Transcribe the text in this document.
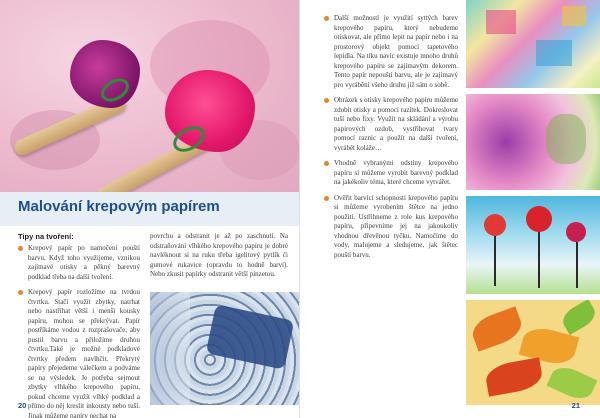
Malování krepovým papírem
Tipy na tvoření:
Krepový papír po namočení pouští barvu. Když toho využijeme, vznikou zajímavé otisky a pěkný barevný podklad třeba na další tvoření.
Krepový papír rozložíme na tvrdou čtvrtku. Stačí využít zbytky, natrhat nebo nastříhat větší i menší kousky papíru, mohou se překrývat. Papír postříkáme vodou z rozprašovače, aby pustil barvu a přiložíme druhou čtvrtku.Také je možné podkladové čtvrtky předem navlhčit. Překrytý papíry přejedeme válečkem a podváme se na výsledek. Je potřeba sejmout zbytky vlhkého krepového papíru, pokud chceme využít vlhký podklad a přímo do něj kreslit inkousty nebo tuší. Jinak můžeme papíry nechat na
povrchu a odstranit je až po zaschnutí. Na odstraňování vlhkého krepového papíru je dobré navléknout si na ruku třeba igelitový pytlík či gumové rukavice (opravdu to hodně barví). Nebo zkusit papírky odstranit větší pinzetou.
20
Další možností je využití syttých barev krepového papíru, který nebudeme otiskovat, ale přímo lepit na papír nebo i na prostorový objekt pomocí tapetového lepidla. Na tiku navíc existuje mnoho druhů krepového papíru se zajímavým dekorem. Tento papír nepouští barvu, ale je zajímavý pro vyrábění všeho druhu již sám o sobě.
Obrázek s otisky krepového papíru můžeme zdobit otisky a pomocí razítek. Dokreslovat tuší nebo fixy. Využít na skládání a výrobu papírových ozdob, vystřihovat tvary pomocí raznic a použít na další tvoření, vyrábět koláže…
Vhodně vybranými odstíny krepového papíru si můžeme vyrobit barevný podklad na jakékoliv téma, které chceme vytvářet.
Ověřit barvicí schopnosti krepového papíru si můžeme vyrobením štětce na jedno použití. Ustřihneme z role kus krepového papíru, připevníme jej na jakoukoliv vhodnou dřevěnou tyčku. Namočíme do vody, malujeme a sledujeme, jak štětec pouští barvu.
21
